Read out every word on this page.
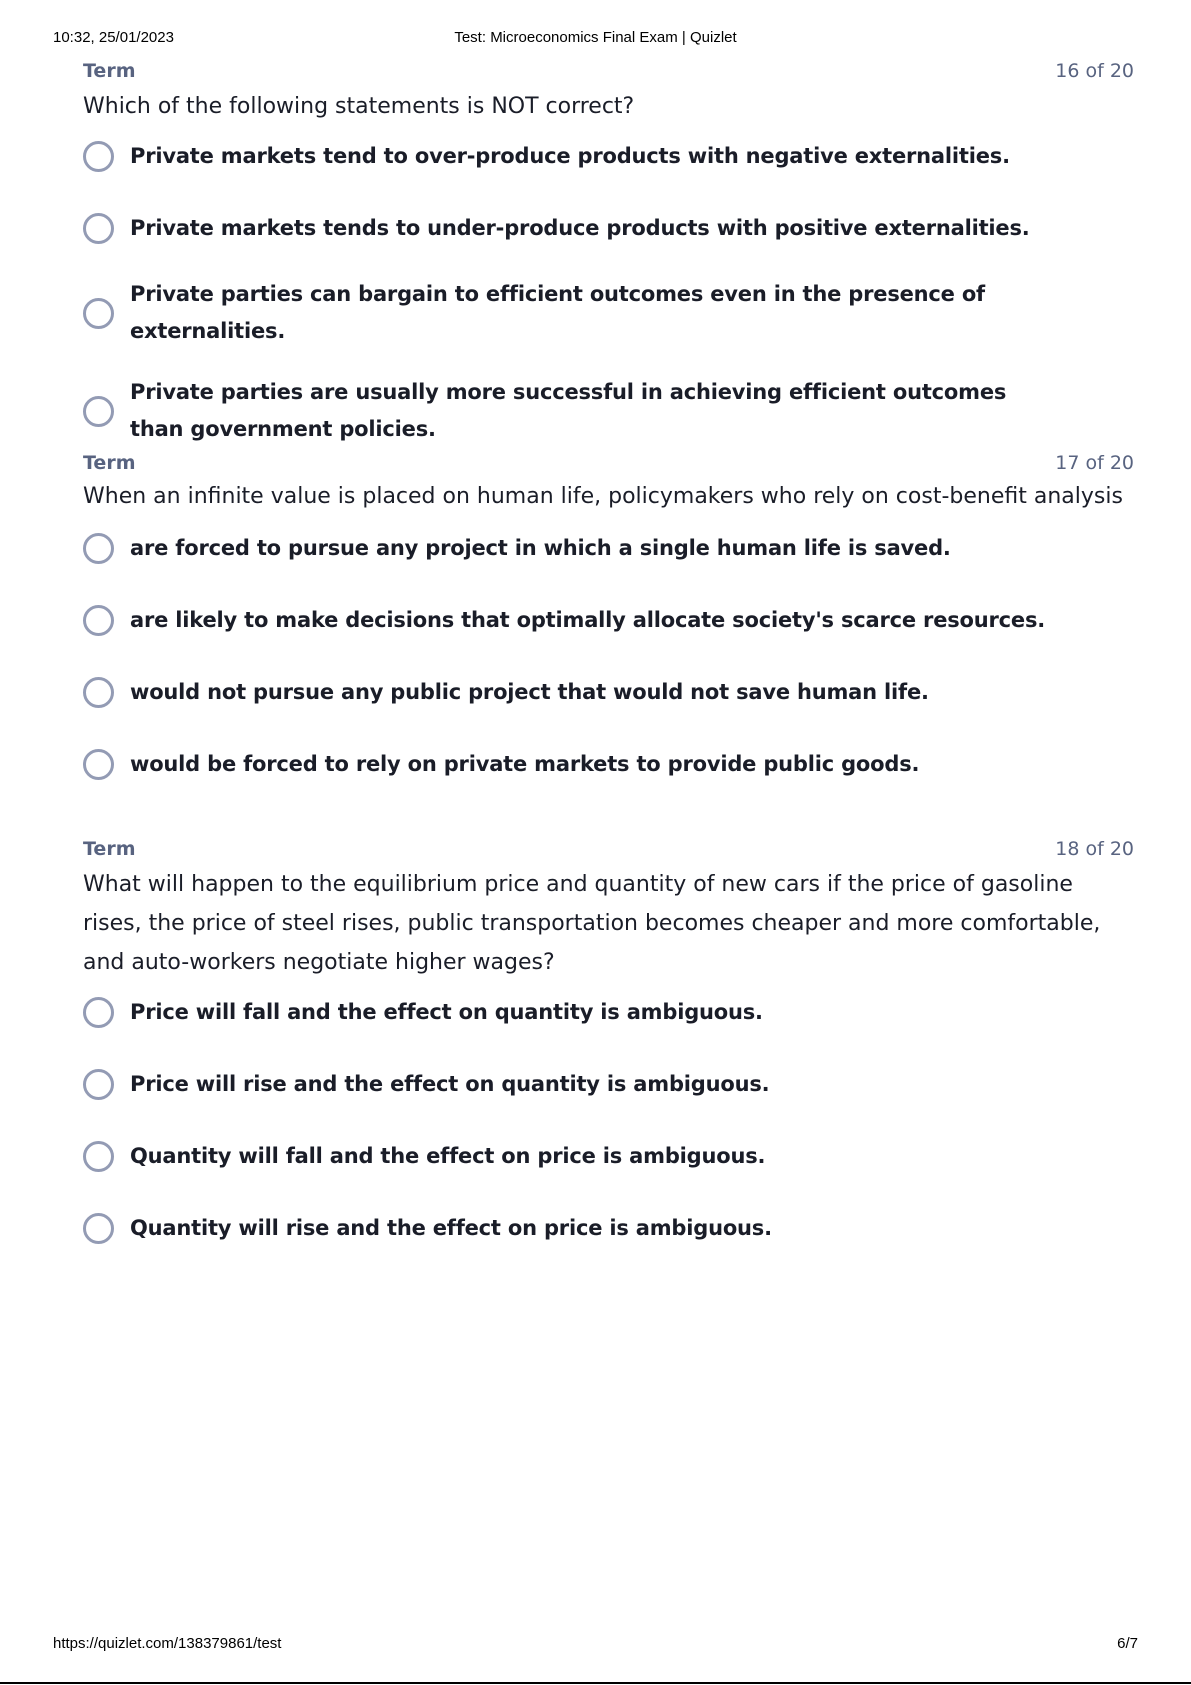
10:32, 25/01/2023	Test: Microeconomics Final Exam | Quizlet
Term	16 of 20
Which of the following statements is NOT correct?
Private markets tend to over-produce products with negative externalities.
Private markets tends to under-produce products with positive externalities.
Private parties can bargain to efficient outcomes even in the presence of externalities.
Private parties are usually more successful in achieving efficient outcomes than government policies.
Term	17 of 20
When an infinite value is placed on human life, policymakers who rely on cost-benefit analysis
are forced to pursue any project in which a single human life is saved.
are likely to make decisions that optimally allocate society's scarce resources.
would not pursue any public project that would not save human life.
would be forced to rely on private markets to provide public goods.
Term	18 of 20
What will happen to the equilibrium price and quantity of new cars if the price of gasoline rises, the price of steel rises, public transportation becomes cheaper and more comfortable, and auto-workers negotiate higher wages?
Price will fall and the effect on quantity is ambiguous.
Price will rise and the effect on quantity is ambiguous.
Quantity will fall and the effect on price is ambiguous.
Quantity will rise and the effect on price is ambiguous.
https://quizlet.com/138379861/test	6/7
